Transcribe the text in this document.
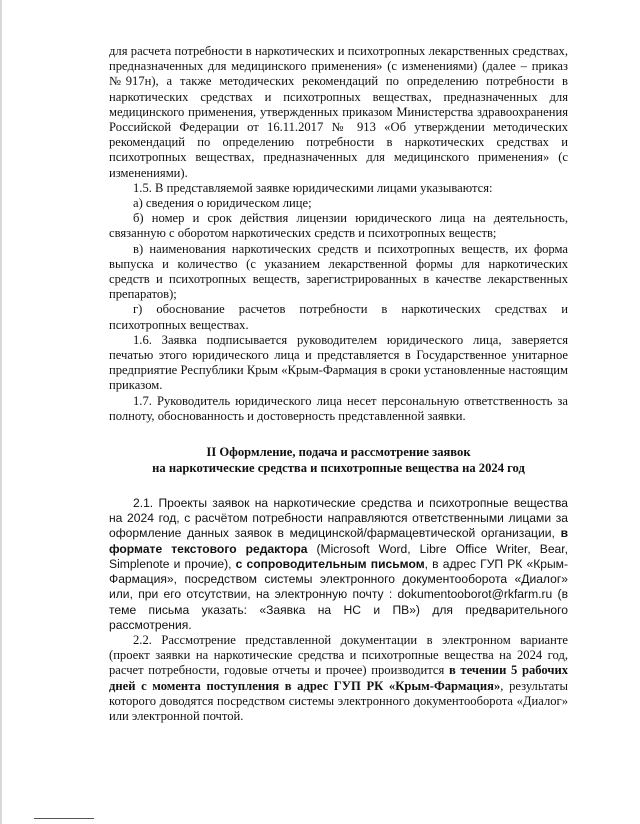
для расчета потребности в наркотических и психотропных лекарственных средствах, предназначенных для медицинского применения» (с изменениями) (далее – приказ №917н), а также методических рекомендаций по определению потребности в наркотических средствах и психотропных веществах, предназначенных для медицинского применения, утвержденных приказом Министерства здравоохранения Российской Федерации от 16.11.2017 № 913 «Об утверждении методических рекомендаций по определению потребности в наркотических средствах и психотропных веществах, предназначенных для медицинского применения» (с изменениями).

1.5. В представляемой заявке юридическими лицами указываются:

а) сведения о юридическом лице;

б) номер и срок действия лицензии юридического лица на деятельность, связанную с оборотом наркотических средств и психотропных веществ;

в) наименования наркотических средств и психотропных веществ, их форма выпуска и количество (с указанием лекарственной формы для наркотических средств и психотропных веществ, зарегистрированных в качестве лекарственных препаратов);

г) обоснование расчетов потребности в наркотических средствах и психотропных веществах.

1.6. Заявка подписывается руководителем юридического лица, заверяется печатью этого юридического лица и представляется в Государственное унитарное предприятие Республики Крым «Крым-Фармация в сроки установленные настоящим приказом.

1.7. Руководитель юридического лица несет персональную ответственность за полноту, обоснованность и достоверность представленной заявки.

II Оформление, подача и рассмотрение заявок

на наркотические средства и психотропные вещества на 2024 год

2.1. Проекты заявок на наркотические средства и психотропные вещества на 2024 год, с расчётом потребности направляются ответственными лицами за оформление данных заявок в медицинской/фармацевтической организации, в формате текстового редактора (Microsoft Word, Libre Office Writer, Bear, Simplenote и прочие), с сопроводительным письмом, в адрес ГУП РК «Крым-Фармация», посредством системы электронного документооборота «Диалог» или, при его отсутствии, на электронную почту : dokumentooborot@rkfarm.ru (в теме письма указать: «Заявка на НС и ПВ») для предварительного рассмотрения.

2.2. Рассмотрение представленной документации в электронном варианте (проект заявки на наркотические средства и психотропные вещества на 2024 год, расчет потребности, годовые отчеты и прочее) производится в течении 5 рабочих дней с момента поступления в адрес ГУП РК «Крым-Фармация», результаты которого доводятся посредством системы электронного документооборота «Диалог» или электронной почтой.
